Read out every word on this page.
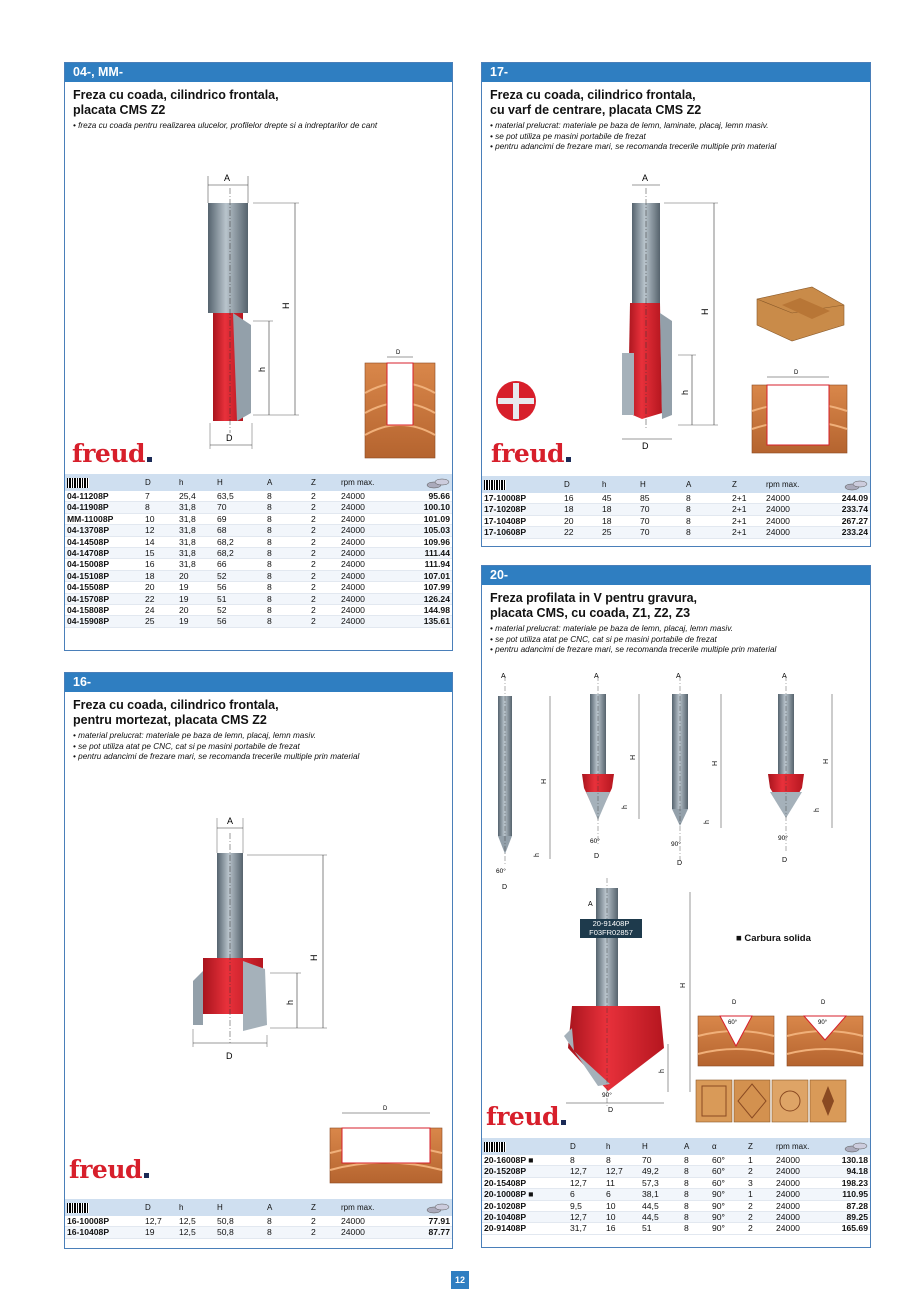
04-, MM-
Freza cu coada, cilindrico frontala,
placata CMS Z2
• freza cu coada pentru realizarea ulucelor, profilelor drepte si a indreptarilor de cant
A
H
h
D
D
freud
	D	h	H	A	Z	rpm max.	
04-11208P	7	25,4	63,5	8	2	24000	95.66
04-11908P	8	31,8	70	8	2	24000	100.10
MM-11008P	10	31,8	69	8	2	24000	101.09
04-13708P	12	31,8	68	8	2	24000	105.03
04-14508P	14	31,8	68,2	8	2	24000	109.96
04-14708P	15	31,8	68,2	8	2	24000	111.44
04-15008P	16	31,8	66	8	2	24000	111.94
04-15108P	18	20	52	8	2	24000	107.01
04-15508P	20	19	56	8	2	24000	107.99
04-15708P	22	19	51	8	2	24000	126.24
04-15808P	24	20	52	8	2	24000	144.98
04-15908P	25	19	56	8	2	24000	135.61
16-
Freza cu coada, cilindrico frontala,
pentru mortezat, placata CMS Z2
• material prelucrat: materiale pe baza de lemn, placaj, lemn masiv.
• se pot utiliza atat pe CNC, cat si pe masini portabile de frezat
• pentru adancimi de frezare mari, se recomanda trecerile multiple prin material
A
H
h
D
D
freud
	D	h	H	A	Z	rpm max.	
16-10008P	12,7	12,5	50,8	8	2	24000	77.91
16-10408P	19	12,5	50,8	8	2	24000	87.77
17-
Freza cu coada, cilindrico frontala,
cu varf de centrare, placata CMS Z2
• material prelucrat: materiale pe baza de lemn, laminate, placaj, lemn masiv.
• se pot utiliza pe masini portabile de frezat
• pentru adancimi de frezare mari, se recomanda trecerile multiple prin material
A
H
h
D
D
freud
	D	h	H	A	Z	rpm max.	
17-10008P	16	45	85	8	2+1	24000	244.09
17-10208P	18	18	70	8	2+1	24000	233.74
17-10408P	20	18	70	8	2+1	24000	267.27
17-10608P	22	25	70	8	2+1	24000	233.24
20-
Freza profilata in V pentru gravura,
placata CMS, cu coada, Z1, Z2, Z3
• material prelucrat: materiale pe baza de lemn, placaj, lemn masiv.
• se pot utiliza atat pe CNC, cat si pe masini portabile de frezat
• pentru adancimi de frezare mari, se recomanda trecerile multiple prin material
A
H
h
60°
D
A
H
h
60°
D
A
H
h
90°
D
A
H
h
90°
D
A
H
h
90°
D
D
60°
D
90°
20-91408P
F03FR02857
■ Carbura solida
freud
	D	h	H	A	α	Z	rpm max.	
20-16008P ■	8	8	70	8	60°	1	24000	130.18
20-15208P	12,7	12,7	49,2	8	60°	2	24000	94.18
20-15408P	12,7	11	57,3	8	60°	3	24000	198.23
20-10008P ■	6	6	38,1	8	90°	1	24000	110.95
20-10208P	9,5	10	44,5	8	90°	2	24000	87.28
20-10408P	12,7	10	44,5	8	90°	2	24000	89.25
20-91408P	31,7	16	51	8	90°	2	24000	165.69
12
